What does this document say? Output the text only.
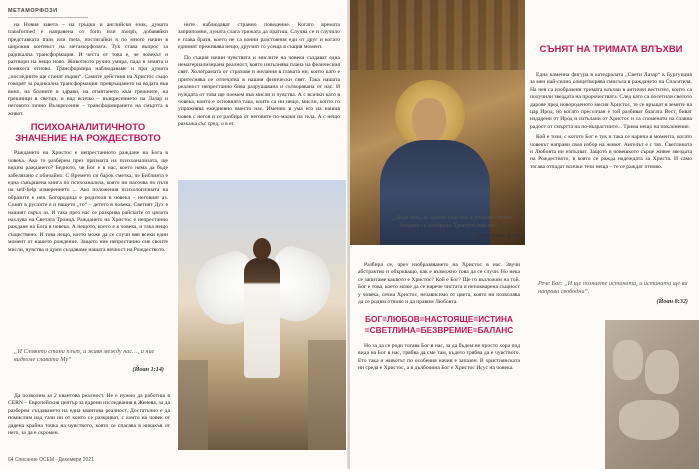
МЕТАМОРФОЗИ

на Новия завета – на гръцки и английски език, думата transformed е направена от form или morph, добавяйки представката trans или meta, постигайки я по много начин в широкия контекст на метаморфозата. Тук става въпрос за радикална трансформация. И честа от това е, че човекът и разтвори на нещо ново. Животното ручно умира, пада в земята и понякога отново. Трансформира наблюдаваме и при думата „последните ще станат първи“. Самите действия на Христос също говорят за радикална трансформация: превръщането на водата във вино, на болните в здрави, на отмятането към грешните, на грешници в светци, и над всичко – възкресението на Лазар и неговото лично Възкресение – трансформирането на смъртта в живот.

ПСИХОАНАЛИТИЧНОТО ЗНАЧЕНИЕ НА РОЖДЕСТВОТО

Раждането на Христос е непрестанното раждане на Бога в човека. Ако го разберем през призмата на психоанализата, ще видим раждането? Бедното, че Бог е в нас, което няма да бъде забелязано с обичайно. С Времето си барок сметка, че Библията е една съвършена книга по психоанализа, която ни насочва по пътя на self-help измерението ... Ако положения психологичната на образите е нея. Богородица е родителя в човека – неговият аз. Сънят в руслите е и нащето „то“ – детето в човека. Светият Дух е нашият свръх аз. И така през нас се разкрива райските от цялата нахлува на Светата Троица. Раждането на Христос е непрестанно раждане на Бога в човека. А нещото, което е в човека, и така нещо съществено. И това нещо, което може да се случи вяв всеки един момент от нашето рождение. Защото ние непрестанно сме своите мисли, чувства и думи създаваме нашата вечност на Рождеството.

ните наблюдават странно поведение. Когато времата заприпомни, луната слага грижата да пратиш. Случва се и случило е глава братя, което не са конни разстояния еди от друг и когато единият преживява нещо, другият го усеща в същия момент.

По същия начин чувствата и мислите на човека създават една нематериализирана реалност, която изпълнява плана на физическия свят. Холограмата от страхове и желания в главата ни, които като е притеснява се отпечатва в нашия физически свят. Така нашата реалност непрестанно бива разрушавана и сътворявана от нас. И нуждата от това ще поемем във мисли и чувства. А с всички като в човека, които е основната така, които са ни нещо, мисли, които го упражнява ежедневно вместо нас. Именно в ума его на нашия човек с негов и се разбира от неговите по-малки на телa. А с нещо разкажа със сред, о в ег.

„И Словото стана плът, и живя между нас…, и ние видяхме славата Му“
(Йоан 1:14)

Да позволим за 2 квантова реалност. Не е нужно да работиш в CERN – Европейския център за ядрени изследвания в Женева, за да разберем създаването на една квантова реалност. Достатъчно е да помислим над тази ни от които се разкриват, с които на човек от дадена крайна точка на чувството, която се спасява в никакъв от него, за да е скромен.

64 Списание ОСЕМ · Декември 2021
СЪНЯТ НА ТРИМАТА ВЛЪХВИ

Една каменна фигура в катедралата „Свети Лазар“ в Бургундия за мен най-силно олицетворява смисъла в раждането на Спасителя. На нея са изобразени тримата влъхви в античен вестител, които са получили звездата на пророчествата. След като са посетили светото дарове пред новороденото месия Христос, те се връщат в земите на цар Ирод, но когато пресолчан е той разбиват благата Вест, биват издадени от Ирод и изтълани от Христос и са споменати на славна радост от смъртта на по-възрастните... Трима нещо на поклонение.

Кой е този, с когото Бог е тук и така се нарича в момента, когато човекът направи своя избор на живот. Ангелът е с тях. Светлината и Любовта ни изпълват. Защото в човешкото сърце живее звездата на Рождеството, в която се ражда надеждата за Христа. И само тогава отпадат всички тези неща – те се раждат отново.

„Деца мои, за които съм пак в родилни болки, докато се изобрази Христос във вас…“
(Галатяни 4:19)

Разбира се, чрез изобразяването на Христос в нас. Звучи абстрактно и объркващо, как е възможно това да се случи. Но нека се запитаме каквото е Христос? Кой е Бог? Ще го възложим на той. Бог е това, което може да се нарече чистата и непокварена същност у човека, сечна Христос, независимо от цвета, която ни позволява да се родим отново и да правим Любовта.

БОГ=ЛЮБОВ=НАСТОЯЩЕ=ИСТИНА =СВЕТЛИНА=БЕЗВРЕМИЕ=БАЛАНС

Но за да се роди тогава Бог в нас, за да бъдем не просто хора под вида на Бог в нас, трябва да сме там, където трябва да е чувството. Ето така и животът по особения начин е запазен. В християнската ни среда е Христос, а в дълбочина Бог е Христос Исус на човека.

Рече Бог: „И ще познаете истината, и истината ще ви направи свободни“.
(Йоан 8:32)
